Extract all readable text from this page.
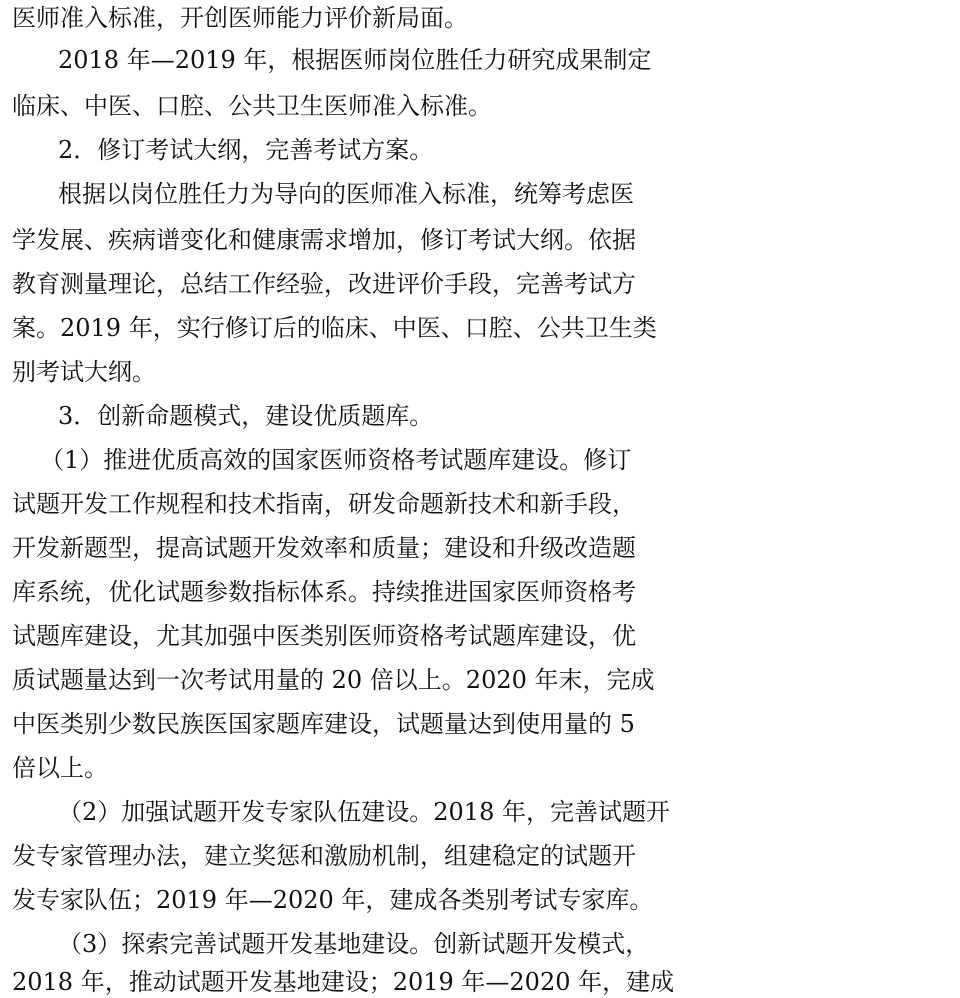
医师准入标准，开创医师能力评价新局面。
2018 年—2019 年，根据医师岗位胜任力研究成果制定
临床、中医、口腔、公共卫生医师准入标准。
2．修订考试大纲，完善考试方案。
根据以岗位胜任力为导向的医师准入标准，统筹考虑医
学发展、疾病谱变化和健康需求增加，修订考试大纲。依据
教育测量理论，总结工作经验，改进评价手段，完善考试方
案。2019 年，实行修订后的临床、中医、口腔、公共卫生类
别考试大纲。
3．创新命题模式，建设优质题库。
（1）推进优质高效的国家医师资格考试题库建设。修订
试题开发工作规程和技术指南，研发命题新技术和新手段，
开发新题型，提高试题开发效率和质量；建设和升级改造题
库系统，优化试题参数指标体系。持续推进国家医师资格考
试题库建设，尤其加强中医类别医师资格考试题库建设，优
质试题量达到一次考试用量的 20 倍以上。2020 年末，完成
中医类别少数民族医国家题库建设，试题量达到使用量的 5
倍以上。
（2）加强试题开发专家队伍建设。2018 年，完善试题开
发专家管理办法，建立奖惩和激励机制，组建稳定的试题开
发专家队伍；2019 年—2020 年，建成各类别考试专家库。
（3）探索完善试题开发基地建设。创新试题开发模式，
2018 年，推动试题开发基地建设；2019 年—2020 年，建成
